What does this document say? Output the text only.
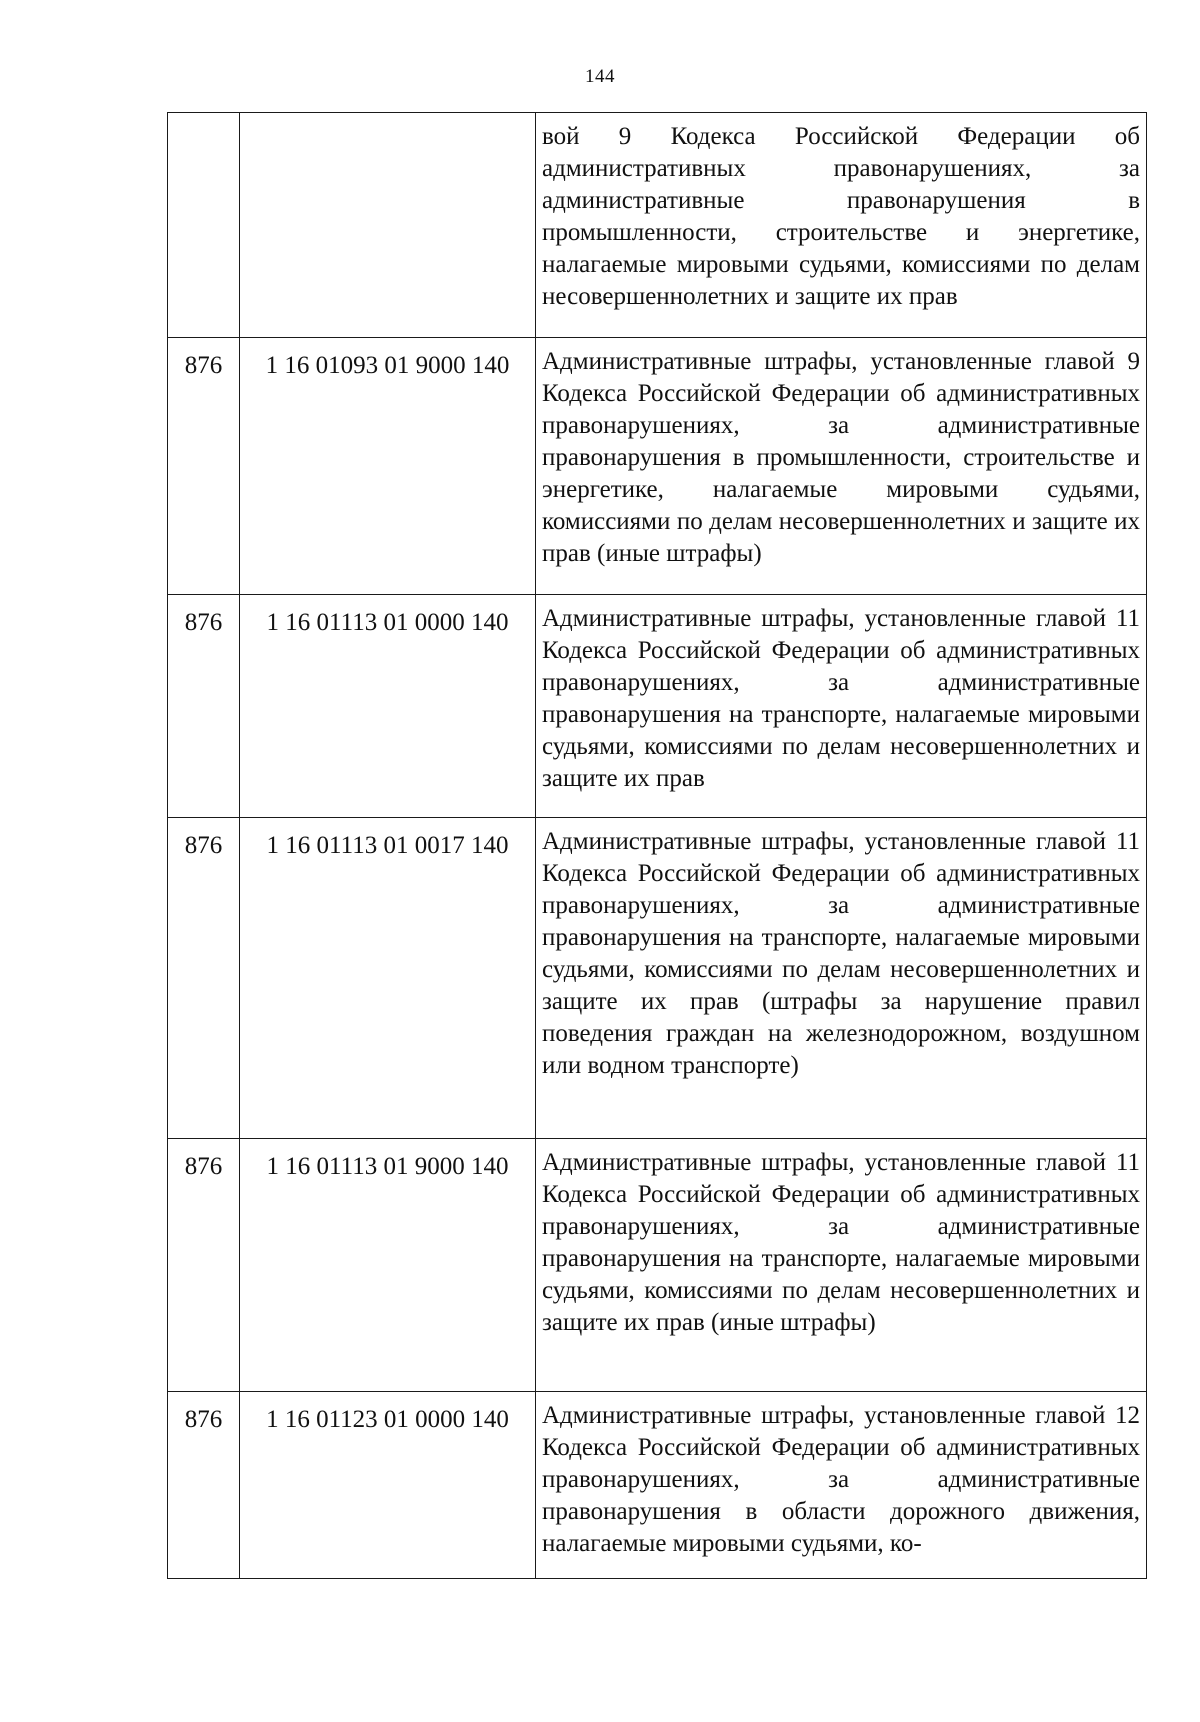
144
		вой 9 Кодекса Российской Федерации об административных правонарушениях, за административные правонарушения в промышленности, строительстве и энергетике, налагаемые мировыми судьями, комиссиями по делам несовершеннолетних и защите их прав
876	1 16 01093 01 9000 140	Административные штрафы, установленные главой 9 Кодекса Российской Федерации об административных правонарушениях, за административные правонарушения в промышленности, строительстве и энергетике, налагаемые мировыми судьями, комиссиями по делам несовершеннолетних и защите их прав (иные штрафы)
876	1 16 01113 01 0000 140	Административные штрафы, установленные главой 11 Кодекса Российской Федерации об административных правонарушениях, за административные правонарушения на транспорте, налагаемые мировыми судьями, комиссиями по делам несовершеннолетних и защите их прав
876	1 16 01113 01 0017 140	Административные штрафы, установленные главой 11 Кодекса Российской Федерации об административных правонарушениях, за административные правонарушения на транспорте, налагаемые мировыми судьями, комиссиями по делам несовершеннолетних и защите их прав (штрафы за нарушение правил поведения граждан на железнодорожном, воздушном или водном транспорте)
876	1 16 01113 01 9000 140	Административные штрафы, установленные главой 11 Кодекса Российской Федерации об административных правонарушениях, за административные правонарушения на транспорте, налагаемые мировыми судьями, комиссиями по делам несовершеннолетних и защите их прав (иные штрафы)
876	1 16 01123 01 0000 140	Административные штрафы, установленные главой 12 Кодекса Российской Федерации об административных правонарушениях, за административные правонарушения в области дорожного движения, налагаемые мировыми судьями, ко-
